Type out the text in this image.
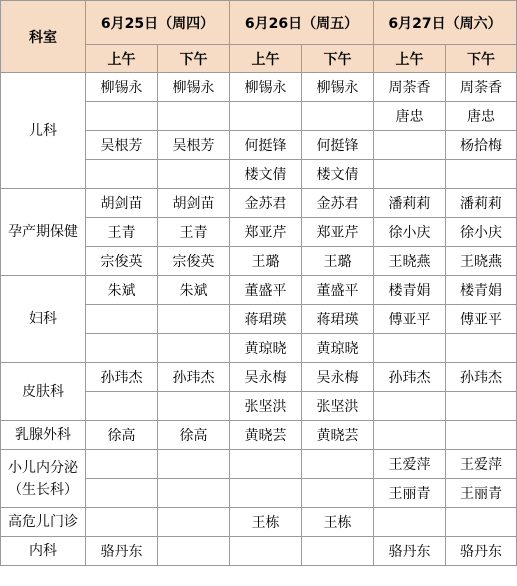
科室	6月25日（周四）		6月26日（周五）		6月27日（周六）	
	上午	下午	上午	下午	上午	下午
儿科	柳锡永	柳锡永	柳锡永	柳锡永	周荼香	周荼香
					唐忠	唐忠
	吴根芳	吴根芳	何挺锋	何挺锋		杨拾梅
			楼文倩	楼文倩		
孕产期保健	胡剑苗	胡剑苗	金苏君	金苏君	潘莉莉	潘莉莉
	王青	王青	郑亚芹	郑亚芹	徐小庆	徐小庆
	宗俊英	宗俊英	王璐	王璐	王晓燕	王晓燕
妇科	朱斌	朱斌	董盛平	董盛平	楼青娟	楼青娟
			蒋珺瑛	蒋珺瑛	傅亚平	傅亚平
			黄琼晓	黄琼晓		
皮肤科	孙玮杰	孙玮杰	吴永梅	吴永梅	孙玮杰	孙玮杰
			张坚洪	张坚洪		
乳腺外科	徐高	徐高	黄晓芸	黄晓芸		
小儿内分泌（生长科）					王爱萍	王爱萍
					王丽青	王丽青
高危儿门诊			王栋	王栋		
内科	骆丹东				骆丹东	骆丹东
